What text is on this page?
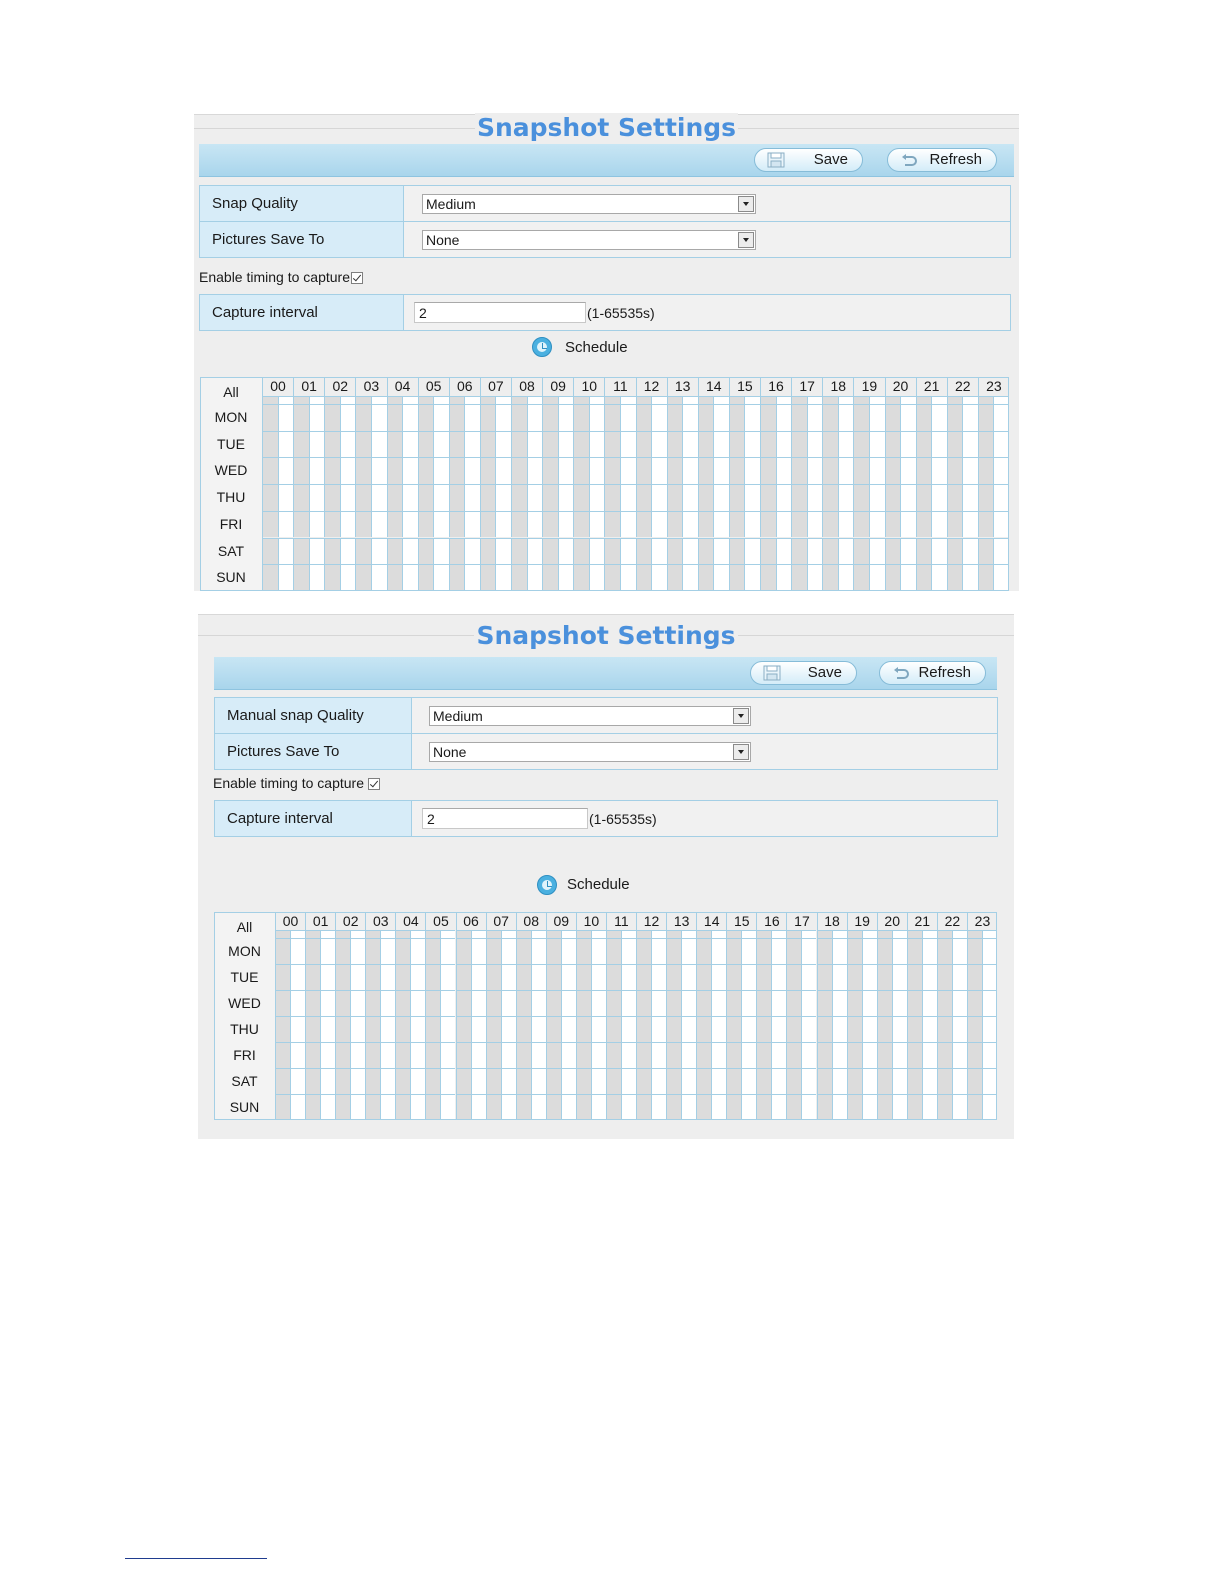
Snapshot Settings
Save	Refresh
Snap Quality	Medium

Pictures Save To	None
Enable timing to capture
Capture interval	
2(1-65535s)
Schedule
All	00	01	02	03	04	05	06	07	08	09	10	11	12	13	14	15	16	17	18	19	20	21	22	23
MON
TUE
WED
THU
FRI
SAT
SUN
Snapshot Settings
Save	Refresh
Manual snap Quality	Medium

Pictures Save To	None
Enable timing to capture
Capture interval	
2(1-65535s)
Schedule
All	00	01	02	03	04	05	06	07	08	09	10	11	12	13	14	15	16	17	18	19	20	21	22	23
MON
TUE
WED
THU
FRI
SAT
SUN
